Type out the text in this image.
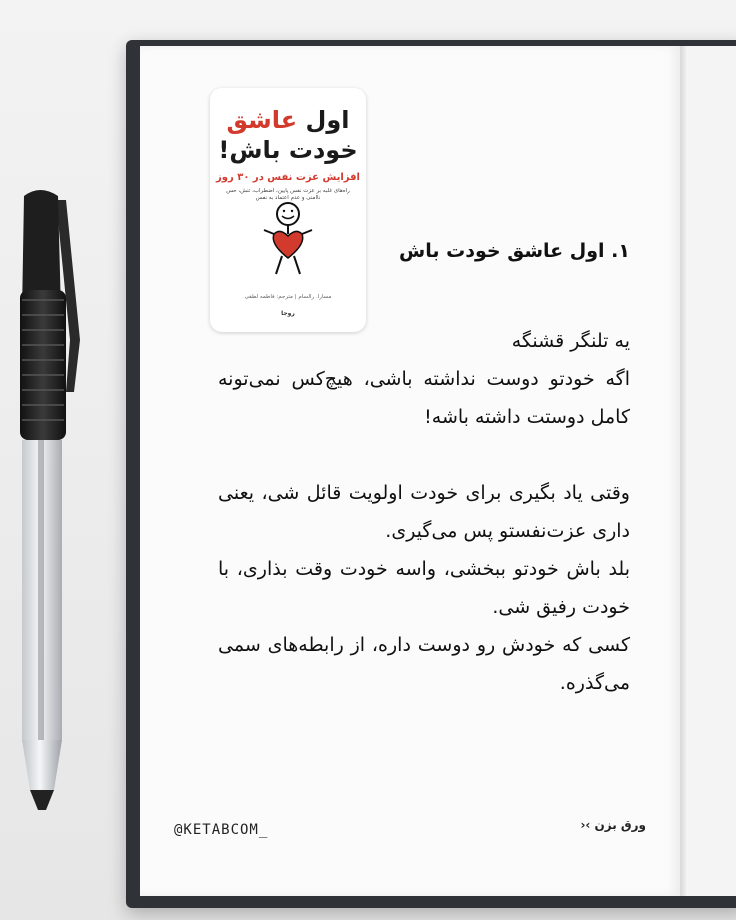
اول عاشق
خودت باش!
افزایش عزت نفس در ۳۰ روز
راه‌های غلبه بر عزت نفس پایین، اضطراب، تنش، حس ناامنی و عدم اعتماد به نفس
مسارا. رالسام | مترجم: فاطمه لطفی
روجا
۱. اول عاشق خودت باش

یه تلنگر قشنگه

اگه خودتو دوست نداشته باشی، هیچ‌کس نمی‌تونه کامل دوستت داشته باشه!

وقتی یاد بگیری برای خودت اولویت قائل شی، یعنی داری عزت‌نفستو پس می‌گیری.

بلد باش خودتو ببخشی، واسه خودت وقت بذاری، با خودت رفیق شی.

کسی که خودش رو دوست داره، از رابطه‌های سمی می‌گذره.

@KETABCOM_	ورق بزن ›‹
